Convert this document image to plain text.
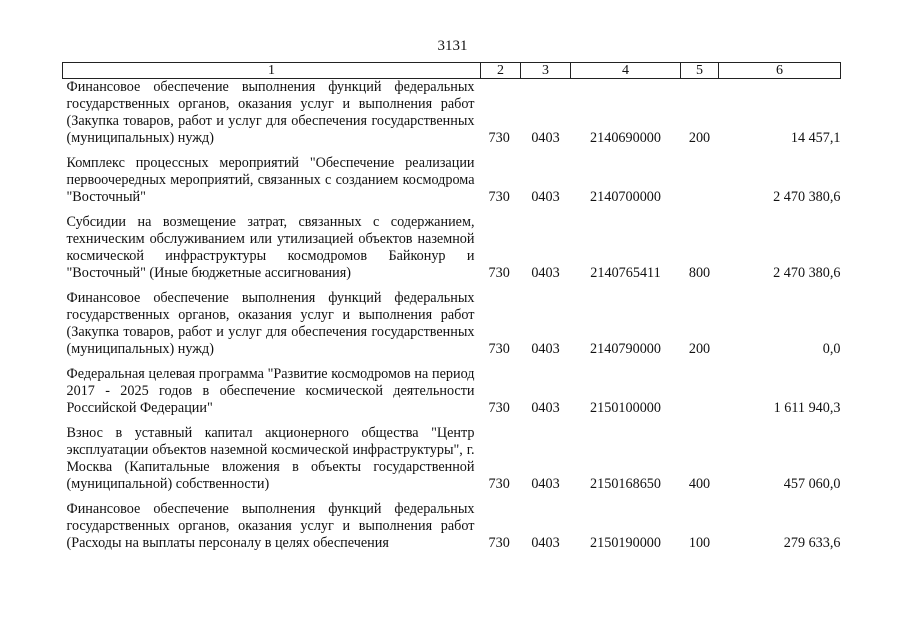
3131
1	2	3	4	5	6
Финансовое обеспечение выполнения функций федеральных государственных органов, оказания услуг и выполнения работ (Закупка товаров, работ и услуг для обеспечения государственных (муниципальных) нужд)	730	0403	2140690000	200	14 457,1

Комплекс процессных мероприятий "Обеспечение реализации первоочередных мероприятий, связанных с созданием космодрома "Восточный"	730	0403	2140700000		2 470 380,6

Субсидии на возмещение затрат, связанных с содержанием, техническим обслуживанием или утилизацией объектов наземной космической инфраструктуры космодромов Байконур и "Восточный" (Иные бюджетные ассигнования)	730	0403	2140765411	800	2 470 380,6

Финансовое обеспечение выполнения функций федеральных государственных органов, оказания услуг и выполнения работ (Закупка товаров, работ и услуг для обеспечения государственных (муниципальных) нужд)	730	0403	2140790000	200	0,0

Федеральная целевая программа "Развитие космодромов на период 2017 - 2025 годов в обеспечение космической деятельности Российской Федерации"	730	0403	2150100000		1 611 940,3

Взнос в уставный капитал акционерного общества "Центр эксплуатации объектов наземной космической инфраструктуры", г. Москва (Капитальные вложения в объекты государственной (муниципальной) собственности)	730	0403	2150168650	400	457 060,0

Финансовое обеспечение выполнения функций федеральных государственных органов, оказания услуг и выполнения работ (Расходы на выплаты персоналу в целях обеспечения	730	0403	2150190000	100	279 633,6
